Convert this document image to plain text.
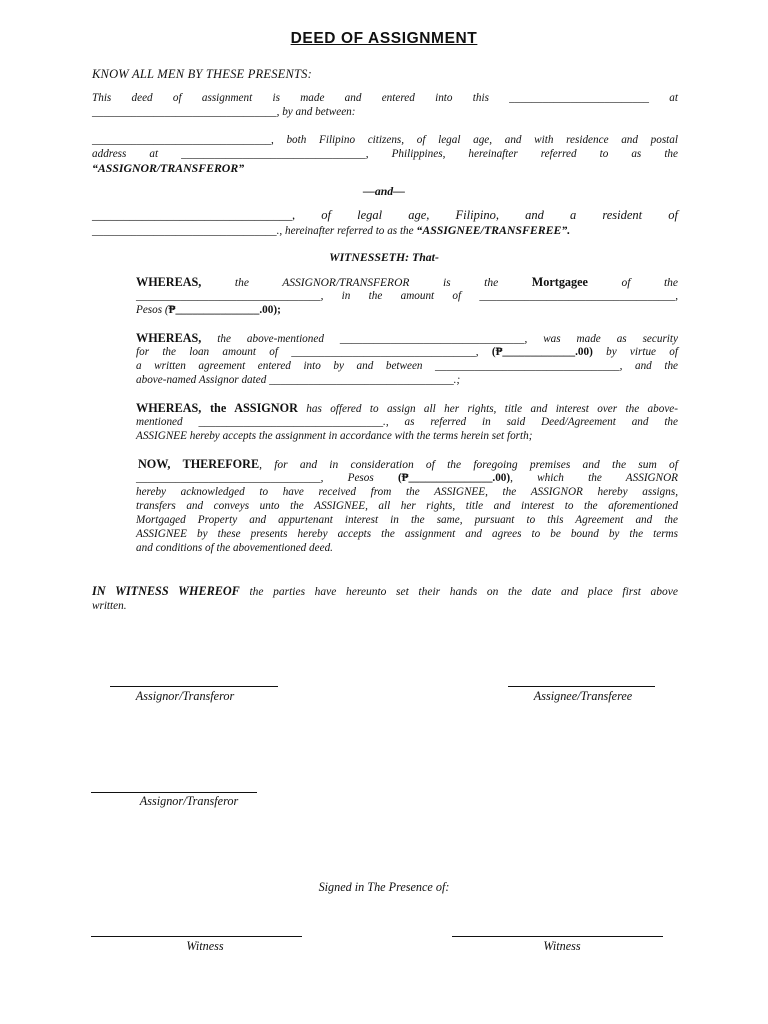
DEED OF ASSIGNMENT
KNOW ALL MEN BY THESE PRESENTS:
This deed of assignment is made and entered into this _________________________ at
_________________________________, by and between:
________________________________, both Filipino citizens, of legal age, and with residence and postal
address at _________________________________, Philippines, hereinafter referred to as the
“ASSIGNOR/TRANSFEROR”
—and—
________________________________, of legal age, Filipino, and a resident of
_________________________________., hereinafter referred to as the “ASSIGNEE/TRANSFEREE”.
WITNESSETH: That-
WHEREAS, the ASSIGNOR/TRANSFEROR is the Mortgagee of the
_________________________________, in the amount of ___________________________________,
Pesos (₱_______________.00);
WHEREAS, the above-mentioned _________________________________, was made as security
for the loan amount of _________________________________, (₱_____________.00) by virtue of
a written agreement entered into by and between _________________________________, and the
above-named Assignor dated _________________________________.;
WHEREAS, the ASSIGNOR has offered to assign all her rights, title and interest over the above-
mentioned _________________________________., as referred in said Deed/Agreement and the
ASSIGNEE hereby accepts the assignment in accordance with the terms herein set forth;
NOW, THEREFORE, for and in consideration of the foregoing premises and the sum of
_________________________________, Pesos (₱_______________.00), which the ASSIGNOR
hereby acknowledged to have received from the ASSIGNEE, the ASSIGNOR hereby assigns,
transfers and conveys unto the ASSIGNEE, all her rights, title and interest to the aforementioned
Mortgaged Property and appurtenant interest in the same, pursuant to this Agreement and the
ASSIGNEE by these presents hereby accepts the assignment and agrees to be bound by the terms
and conditions of the abovementioned deed.
IN WITNESS WHEREOF the parties have hereunto set their hands on the date and place first above
written.
Assignor/Transferor	Assignee/Transferee
Assignor/Transferor
Signed in The Presence of:
Witness	Witness
